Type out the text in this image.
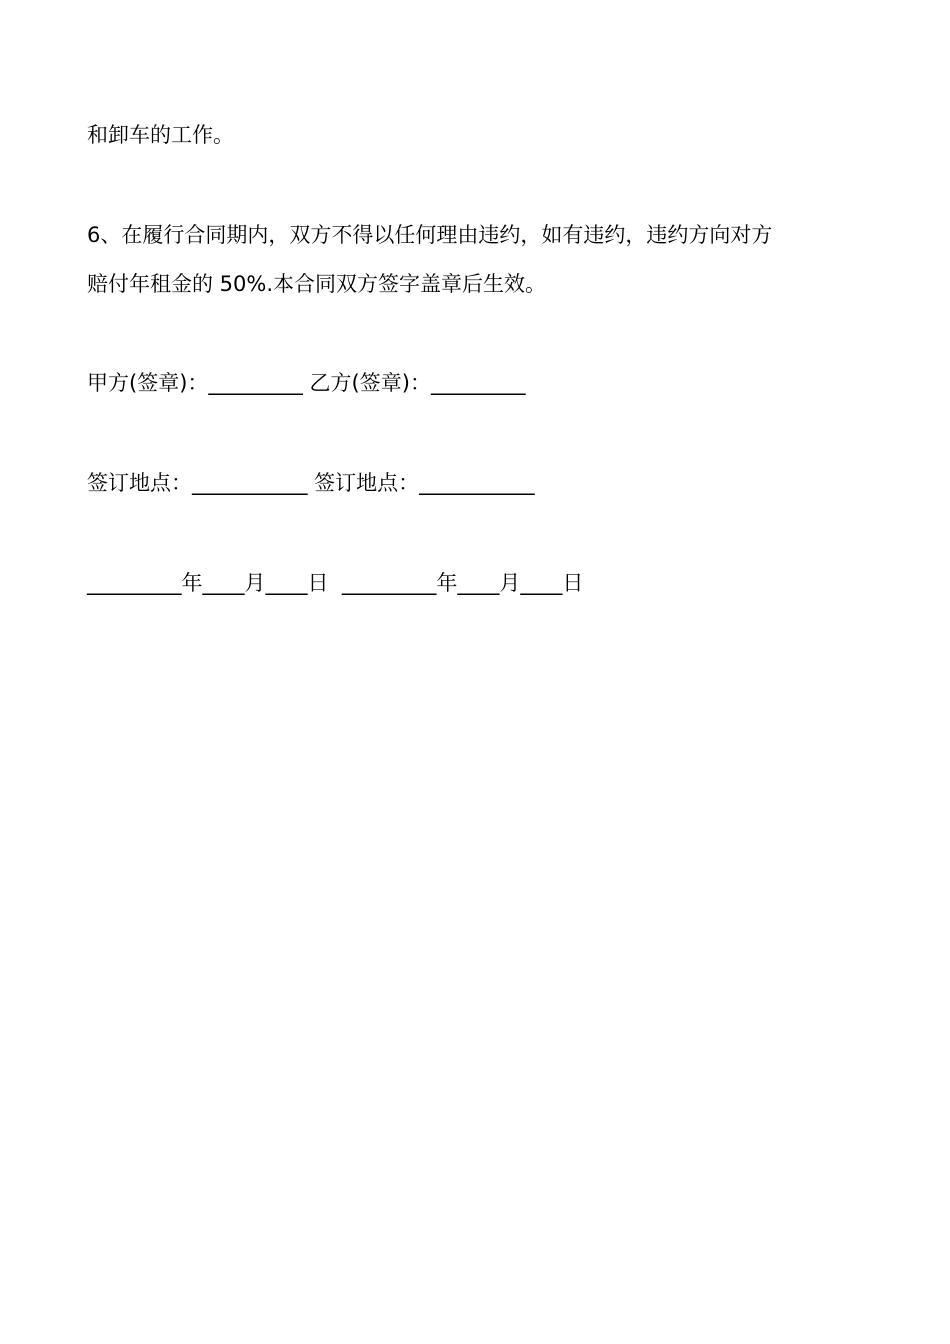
和卸车的工作。

6、在履行合同期内，双方不得以任何理由违约，如有违约，违约方向对方

赔付年租金的 50%.本合同双方签字盖章后生效。

甲方(签章)：_________ 乙方(签章)：_________

签订地点：___________ 签订地点：___________

_________年____月____日  _________年____月____日
